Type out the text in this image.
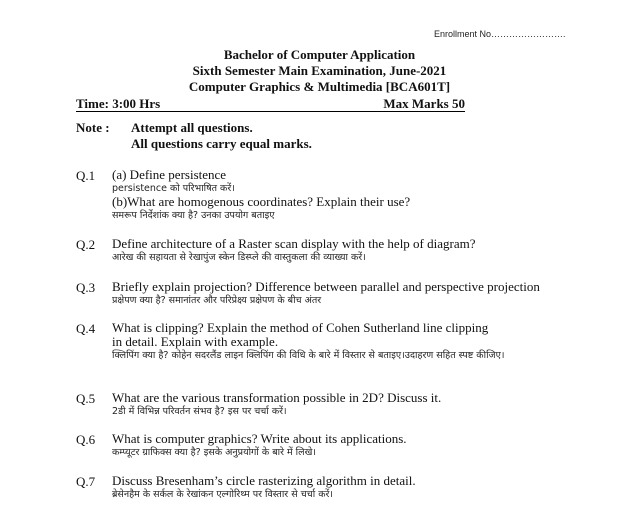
Enrollment No…………………….
Bachelor of Computer Application
Sixth Semester Main Examination, June-2021
Computer Graphics & Multimedia [BCA601T]
Time: 3:00 Hrs	Max Marks 50
Note : Attempt all questions.
All questions carry equal marks.
Q.1 (a) Define persistence
persistence को परिभाषित करें।
(b)What are homogenous coordinates? Explain their use?
समरूप निर्देशांक क्या है? उनका उपयोग बताइए
Q.2 Define architecture of a Raster scan display with the help of diagram?
आरेख की सहायता से रेखापुंज स्केन डिस्प्ले की वास्तुकला की व्याख्या करें।
Q.3 Briefly explain projection? Difference between parallel and perspective projection
प्रक्षेपण क्या है? समानांतर और परिप्रेक्ष्य प्रक्षेपण के बीच अंतर
Q.4 What is clipping? Explain the method of Cohen Sutherland line clipping
in detail. Explain with example.
क्लिपिंग क्या है? कोहेन सदरलैंड लाइन क्लिपिंग की विधि के बारे में विस्तार से बताइए।उदाहरण सहित स्पष्ट कीजिए।
Q.5 What are the various transformation possible in 2D? Discuss it.
2डी में विभिन्न परिवर्तन संभव है? इस पर चर्चा करें।
Q.6 What is computer graphics? Write about its applications.
कम्प्यूटर ग्राफिक्स क्या है? इसके अनुप्रयोगों के बारे में लिखे।
Q.7 Discuss Bresenham’s circle rasterizing algorithm in detail.
ब्रेसेनहैम के सर्कल के रेखांकन एल्गोरिथ्म पर विस्तार से चर्चा करें।
